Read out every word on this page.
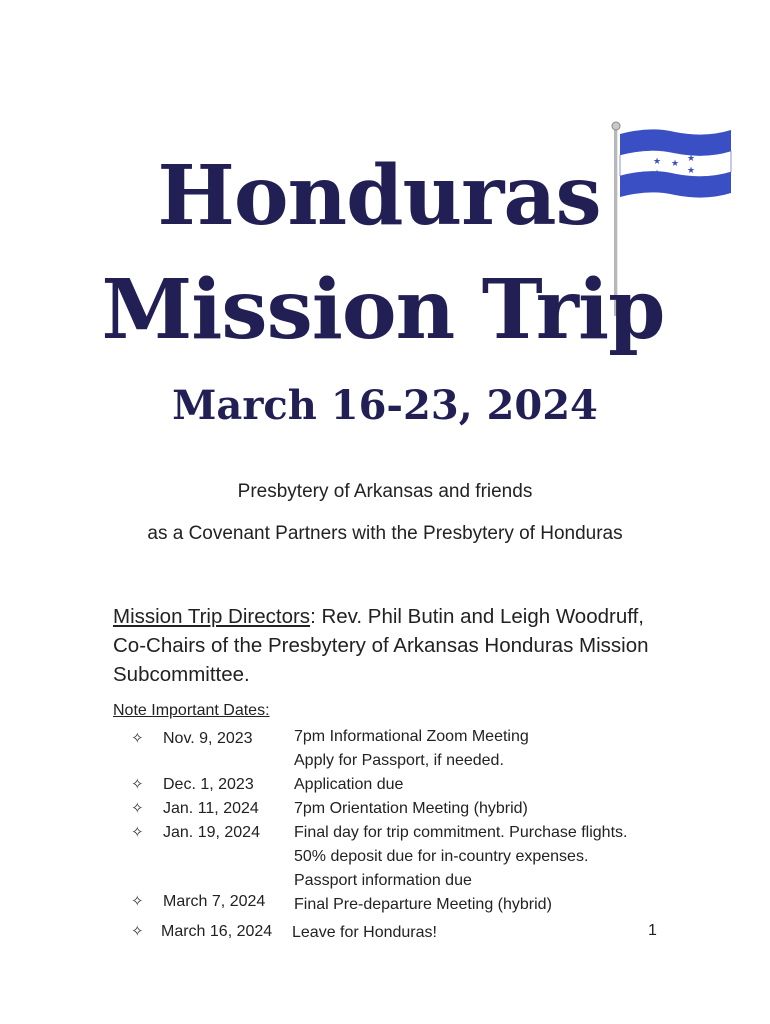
★	★
★
★	★
Honduras
Mission Trip
March 16-23, 2024
Presbytery of Arkansas and friends
as a Covenant Partners with the Presbytery of Honduras
Mission Trip Directors: Rev. Phil Butin and Leigh Woodruff, Co-Chairs of the Presbytery of Arkansas Honduras Mission Subcommittee.
Note Important Dates:
✧ Nov. 9, 2023	7pm Informational Zoom Meeting
Apply for Passport, if needed.
✧ Dec. 1, 2023	Application due
✧ Jan. 11, 2024 7pm Orientation Meeting (hybrid)
✧ Jan. 19, 2024 Final day for trip commitment. Purchase flights.
50% deposit due for in-country expenses.
Passport information due
✧ March 7, 2024 Final Pre-departure Meeting (hybrid)
✧ March 16, 2024 Leave for Honduras!	1
